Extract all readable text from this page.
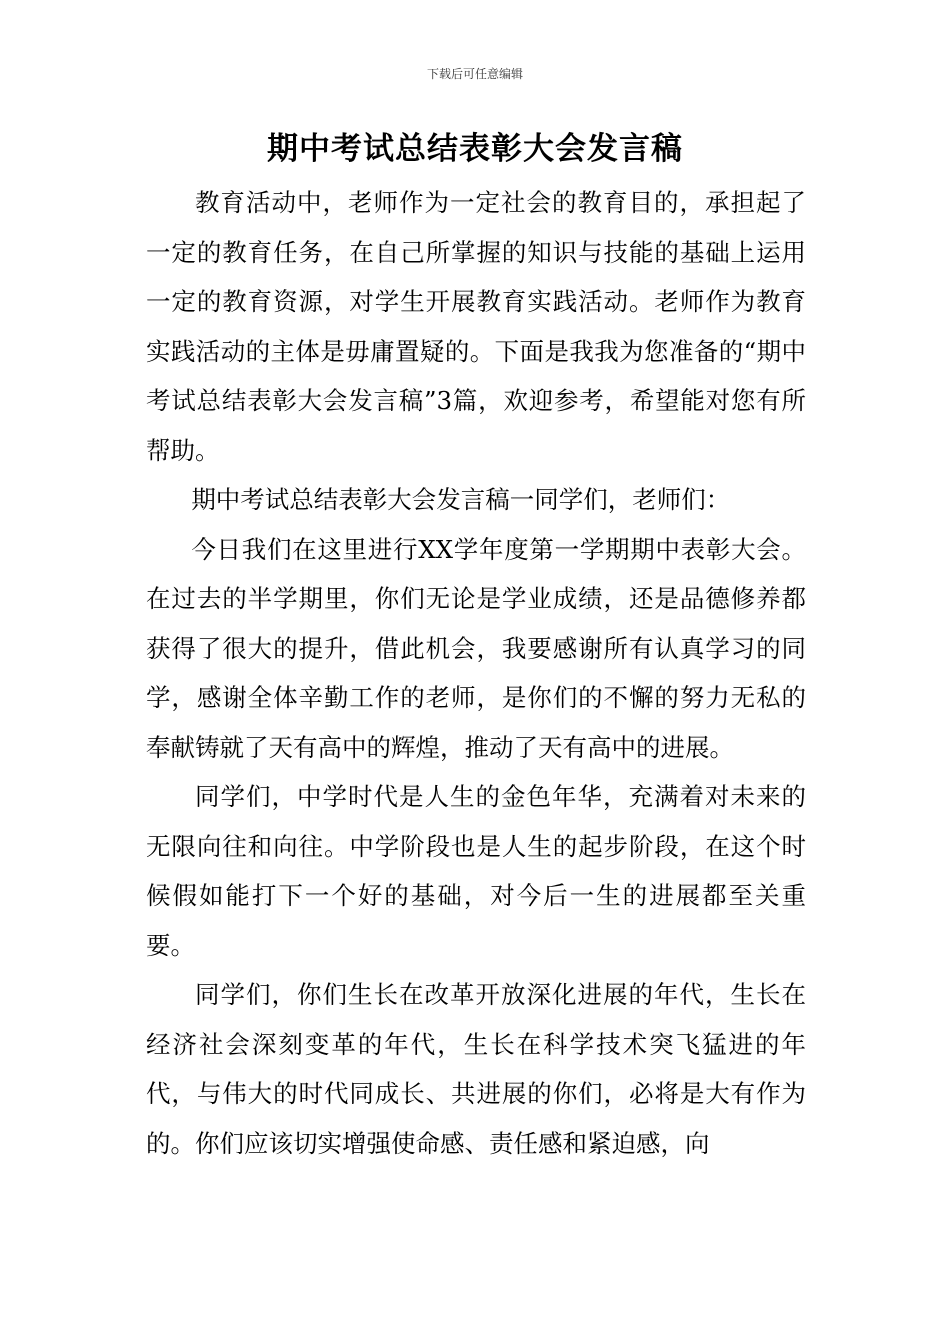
下载后可任意编辑
期中考试总结表彰大会发言稿

教育活动中，老师作为一定社会的教育目的，承担起了一定的教育任务，在自己所掌握的知识与技能的基础上运用一定的教育资源，对学生开展教育实践活动。老师作为教育实践活动的主体是毋庸置疑的。下面是我我为您准备的“期中考试总结表彰大会发言稿”3篇，欢迎参考，希望能对您有所帮助。

期中考试总结表彰大会发言稿一同学们，老师们：

今日我们在这里进行XX学年度第一学期期中表彰大会。在过去的半学期里，你们无论是学业成绩，还是品德修养都获得了很大的提升，借此机会，我要感谢所有认真学习的同学，感谢全体辛勤工作的老师，是你们的不懈的努力无私的奉献铸就了天有高中的辉煌，推动了天有高中的进展。

同学们，中学时代是人生的金色年华，充满着对未来的无限向往和向往。中学阶段也是人生的起步阶段，在这个时候假如能打下一个好的基础，对今后一生的进展都至关重要。

同学们，你们生长在改革开放深化进展的年代，生长在经济社会深刻变革的年代，生长在科学技术突飞猛进的年代，与伟大的时代同成长、共进展的你们，必将是大有作为的。你们应该切实增强使命感、责任感和紧迫感，向
